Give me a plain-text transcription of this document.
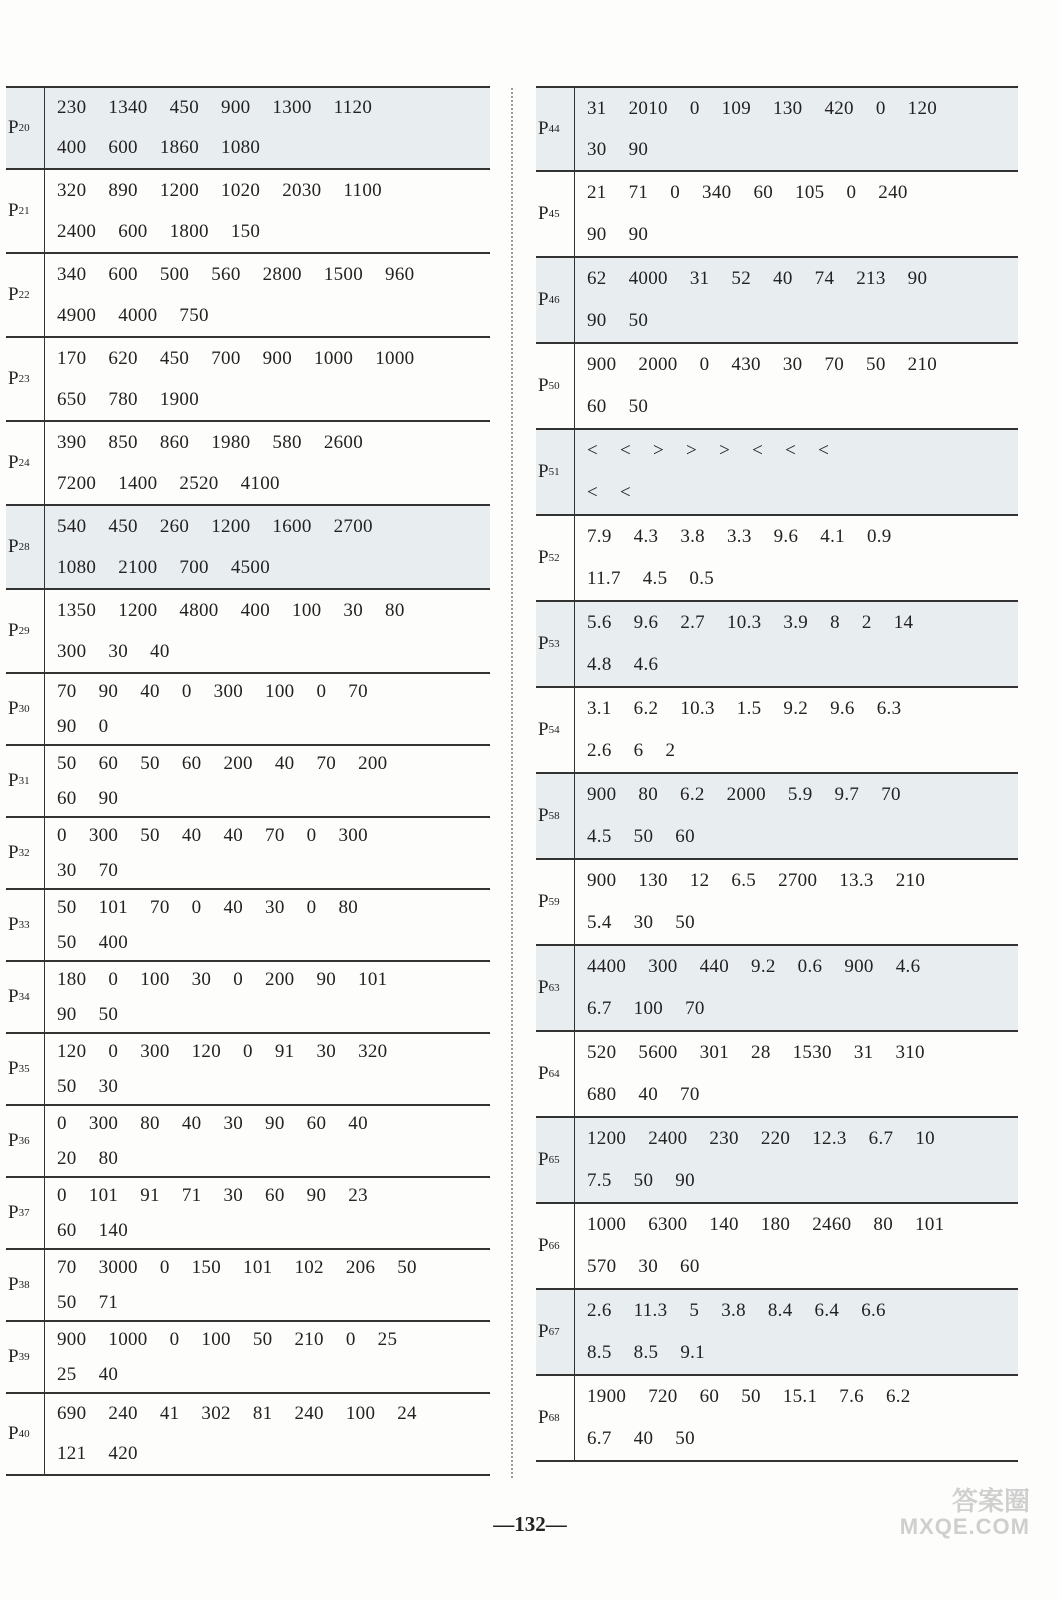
P 20
230 1340 450 900 1300 1120
400 600 1860 1080
P 21
320 890 1200 1020 2030 1100
2400 600 1800 150
P 22
340 600 500 560 2800 1500 960
4900 4000 750
P 23
170 620 450 700 900 1000 1000
650 780 1900
P 24
390 850 860 1980 580 2600
7200 1400 2520 4100
P 28
540 450 260 1200 1600 2700
1080 2100 700 4500
P 29
1350 1200 4800 400 100 30 80
300 30 40
P 30
70 90 40 0 300 100 0 70
90 0
P 31
50 60 50 60 200 40 70 200
60 90
P 32
0 300 50 40 40 70 0 300
30 70
P 33
50 101 70 0 40 30 0 80
50 400
P 34
180 0 100 30 0 200 90 101
90 50
P 35
120 0 300 120 0 91 30 320
50 30
P 36
0 300 80 40 30 90 60 40
20 80
P 37
0 101 91 71 30 60 90 23
60 140
P 38
70 3000 0 150 101 102 206 50
50 71
P 39
900 1000 0 100 50 210 0 25
25 40
P 40
690 240 41 302 81 240 100 24
121 420
P 44
31 2010 0 109 130 420 0 120
30 90
P 45
21 71 0 340 60 105 0 240
90 90
P 46
62 4000 31 52 40 74 213 90
90 50
P 50
900 2000 0 430 30 70 50 210
60 50
P 51
< < > > > < < <
< <
P 52
7.9 4.3 3.8 3.3 9.6 4.1 0.9
11.7 4.5 0.5
P 53
5.6 9.6 2.7 10.3 3.9 8 2 14
4.8 4.6
P 54
3.1 6.2 10.3 1.5 9.2 9.6 6.3
2.6 6 2
P 58
900 80 6.2 2000 5.9 9.7 70
4.5 50 60
P 59
900 130 12 6.5 2700 13.3 210
5.4 30 50
P 63
4400 300 440 9.2 0.6 900 4.6
6.7 100 70
P 64
520 5600 301 28 1530 31 310
680 40 70
P 65
1200 2400 230 220 12.3 6.7 10
7.5 50 90
P 66
1000 6300 140 180 2460 80 101
570 30 60
P 67
2.6 11.3 5 3.8 8.4 6.4 6.6
8.5 8.5 9.1
P 68
1900 720 60 50 15.1 7.6 6.2
6.7 40 50
—132—
答案圈
MXQE.COM
